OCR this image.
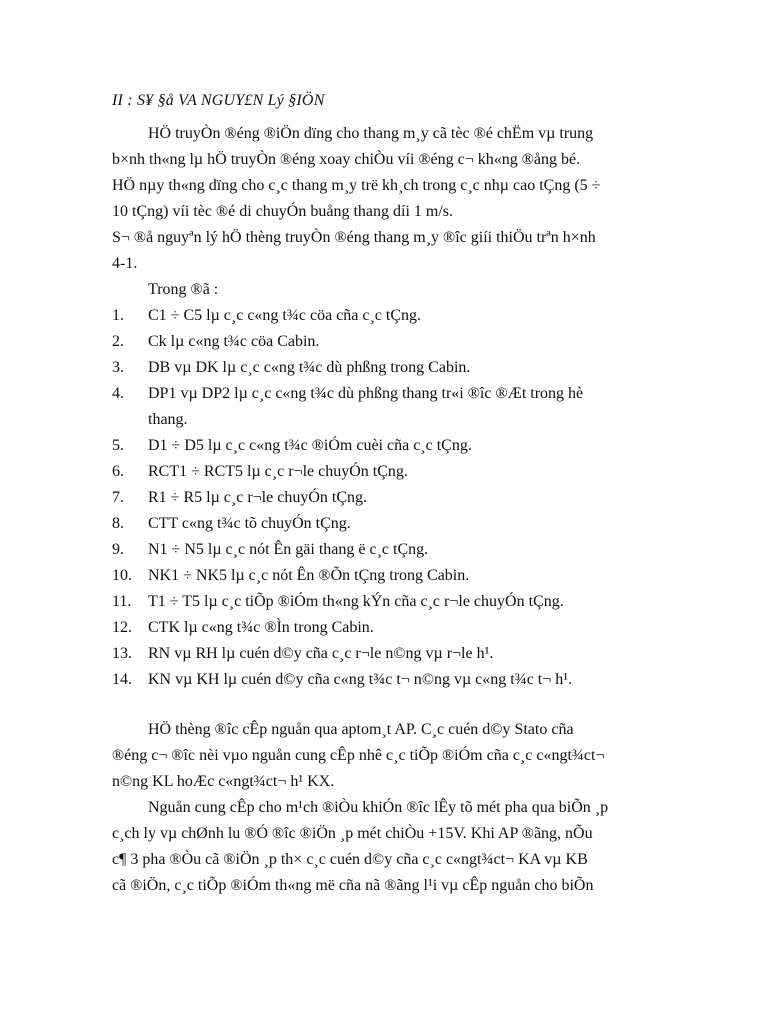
II : S¥ §å VA NGUY£N Lý §IÖN
HÖ truyÒn ®éng ®iÖn dïng cho thang m¸y cã tèc ®é chËm vµ trung
b×nh th«ng lµ hÖ truyÒn ®éng xoay chiÒu víi ®éng c¬ kh«ng ®ång bé.
HÖ nµy th«ng dïng cho c¸c thang m¸y trë kh¸ch trong c¸c nhµ cao tÇng (5 ÷
10 tÇng) víi tèc ®é di chuyÓn buång thang díi 1 m/s.
S¬ ®å nguyªn lý hÖ thèng truyÒn ®éng thang m¸y ®îc giíi thiÖu trªn h×nh
4-1.
Trong ®ã :
1. C1 ÷ C5 lµ c¸c c«ng t¾c cöa cña c¸c tÇng.
2. Ck lµ c«ng t¾c cöa Cabin.
3. DB vµ DK lµ c¸c c«ng t¾c dù phßng trong Cabin.
4. DP1 vµ DP2 lµ c¸c c«ng t¾c dù phßng thang tr«i ®îc ®Æt trong hè
thang.
5. D1 ÷ D5 lµ c¸c c«ng t¾c ®iÓm cuèi cña c¸c tÇng.
6. RCT1 ÷ RCT5 lµ c¸c r¬le chuyÓn tÇng.
7. R1 ÷ R5 lµ c¸c r¬le chuyÓn tÇng.
8. CTT c«ng t¾c tõ chuyÓn tÇng.
9. N1 ÷ N5 lµ c¸c nót Ên gäi thang ë c¸c tÇng.
10. NK1 ÷ NK5 lµ c¸c nót Ên ®Õn tÇng trong Cabin.
11. T1 ÷ T5 lµ c¸c tiÕp ®iÓm th«ng kÝn cña c¸c r¬le chuyÓn tÇng.
12. CTK lµ c«ng t¾c ®Ìn trong Cabin.
13. RN vµ RH lµ cuén d©y cña c¸c r¬le n©ng vµ r¬le h¹.
14. KN vµ KH lµ cuén d©y cña c«ng t¾c t¬ n©ng vµ c«ng t¾c t¬ h¹.
HÖ thèng ®îc cÊp nguån qua aptom¸t AP. C¸c cuén d©y Stato cña
®éng c¬ ®îc nèi vµo nguån cung cÊp nhê c¸c tiÕp ®iÓm cña c¸c c«ngt¾ct¬
n©ng KL hoÆc c«ngt¾ct¬ h¹ KX.
Nguån cung cÊp cho m¹ch ®iÒu khiÓn ®îc lÊy tõ mét pha qua biÕn ¸p
c¸ch ly vµ chØnh lu ®Ó ®îc ®iÖn ¸p mét chiÒu +15V. Khi AP ®ãng, nÕu
c¶ 3 pha ®Òu cã ®iÖn ¸p th× c¸c cuén d©y cña c¸c c«ngt¾ct¬ KA vµ KB
cã ®iÖn, c¸c tiÕp ®iÓm th«ng më cña nã ®ãng l¹i vµ cÊp nguån cho biÕn
